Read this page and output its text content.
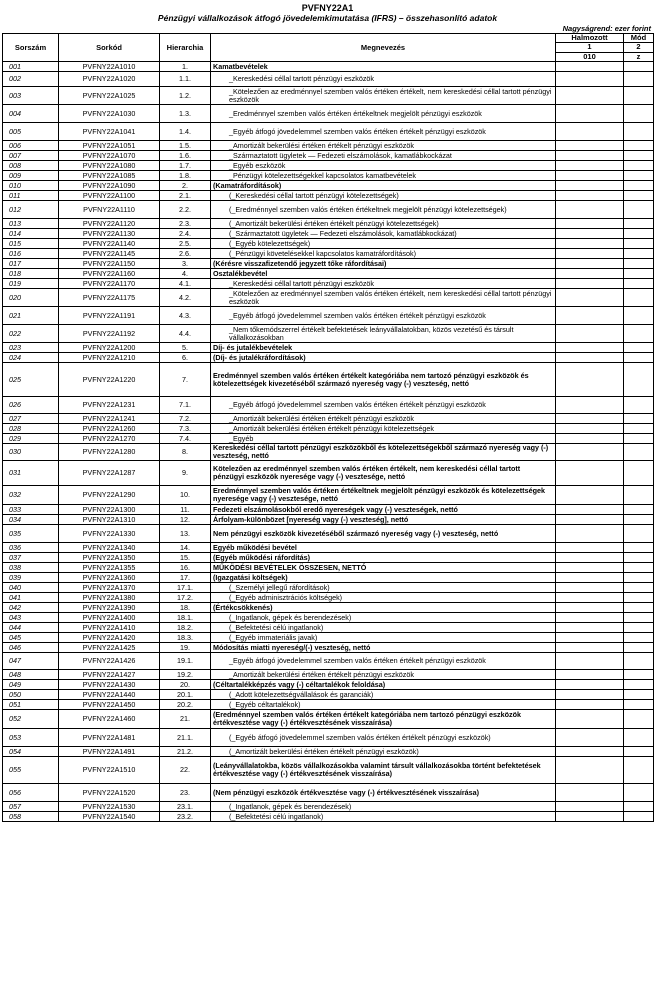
PVFNY22A1
Pénzügyi vállalkozások átfogó jövedelemkimutatása (IFRS) – összehasonlító adatok
Nagyságrend: ezer forint
Sorszám	Sorkód	Hierarchia	Megnevezés	Halmozott	Mód
				1	2
				010	z
001	PVFNY22A1010	1.	Kamatbevételek		
002	PVFNY22A1020	1.1.	_Kereskedési céllal tartott pénzügyi eszközök		
003	PVFNY22A1025	1.2.	_Kötelezően az eredménnyel szemben valós értéken értékelt, nem kereskedési céllal tartott pénzügyi eszközök		
004	PVFNY22A1030	1.3.	_Eredménnyel szemben valós értéken értékeltnek megjelölt pénzügyi eszközök		
005	PVFNY22A1041	1.4.	_Egyéb átfogó jövedelemmel szemben valós értéken értékelt pénzügyi eszközök		
006	PVFNY22A1051	1.5.	_Amortizált bekerülési értéken értékelt pénzügyi eszközök		
007	PVFNY22A1070	1.6.	_Származtatott ügyletek — Fedezeti elszámolások, kamatlábkockázat		
008	PVFNY22A1080	1.7.	_Egyéb eszközök		
009	PVFNY22A1085	1.8.	_Pénzügyi kötelezettségekkel kapcsolatos kamatbevételek		
010	PVFNY22A1090	2.	(Kamatráfordítások)		
011	PVFNY22A1100	2.1.	(_Kereskedési céllal tartott pénzügyi kötelezettségek)		
012	PVFNY22A1110	2.2.	(_Eredménnyel szemben valós értéken értékeltnek megjelölt pénzügyi kötelezettségek)		
013	PVFNY22A1120	2.3.	(_Amortizált bekerülési értéken értékelt pénzügyi kötelezettségek)		
014	PVFNY22A1130	2.4.	(_Származtatott ügyletek — Fedezeti elszámolások, kamatlábkockázat)		
015	PVFNY22A1140	2.5.	(_Egyéb kötelezettségek)		
016	PVFNY22A1145	2.6.	(_Pénzügyi követelésekkel kapcsolatos kamatráfordítások)		
017	PVFNY22A1150	3.	(Kérésre visszafizetendő jegyzett tőke ráfordításai)		
018	PVFNY22A1160	4.	Osztalékbevétel		
019	PVFNY22A1170	4.1.	_Kereskedési céllal tartott pénzügyi eszközök		
020	PVFNY22A1175	4.2.	_Kötelezően az eredménnyel szemben valós értéken értékelt, nem kereskedési céllal tartott pénzügyi eszközök		
021	PVFNY22A1191	4.3.	_Egyéb átfogó jövedelemmel szemben valós értéken értékelt pénzügyi eszközök		
022	PVFNY22A1192	4.4.	_Nem tőkemódszerrel értékelt befektetések leányvállalatokban, közös vezetésű és társult vállalkozásokban		
023	PVFNY22A1200	5.	Díj- és jutalékbevételek		
024	PVFNY22A1210	6.	(Díj- és jutalékráfordítások)		
025	PVFNY22A1220	7.	Eredménnyel szemben valós értéken értékelt kategóriába nem tartozó pénzügyi eszközök és kötelezettségek kivezetéséből származó nyereség vagy (-) veszteség, nettó		
026	PVFNY22A1231	7.1.	_Egyéb átfogó jövedelemmel szemben valós értéken értékelt pénzügyi eszközök		
027	PVFNY22A1241	7.2.	_Amortizált bekerülési értéken értékelt pénzügyi eszközök		
028	PVFNY22A1260	7.3.	_Amortizált bekerülési értéken értékelt pénzügyi kötelezettségek		
029	PVFNY22A1270	7.4.	_Egyéb		
030	PVFNY22A1280	8.	Kereskedési céllal tartott pénzügyi eszközökből és kötelezettségekből származó nyereség vagy (-) veszteség, nettó		
031	PVFNY22A1287	9.	Kötelezően az eredménnyel szemben valós értéken értékelt, nem kereskedési céllal tartott pénzügyi eszközök nyeresége vagy (-) vesztesége, nettó		
032	PVFNY22A1290	10.	Eredménnyel szemben valós értéken értékeltnek megjelölt pénzügyi eszközök és kötelezettségek nyeresége vagy (-) vesztesége, nettó		
033	PVFNY22A1300	11.	Fedezeti elszámolásokból eredő nyereségek vagy (-) veszteségek, nettó		
034	PVFNY22A1310	12.	Árfolyam-különbözet [nyereség vagy (-) veszteség], nettó		
035	PVFNY22A1330	13.	Nem pénzügyi eszközök kivezetéséből származó nyereség vagy (-) veszteség, nettó		
036	PVFNY22A1340	14.	Egyéb működési bevétel		
037	PVFNY22A1350	15.	(Egyéb működési ráfordítás)		
038	PVFNY22A1355	16.	MŰKÖDÉSI BEVÉTELEK ÖSSZESEN, NETTÓ		
039	PVFNY22A1360	17.	(Igazgatási költségek)		
040	PVFNY22A1370	17.1.	(_Személyi jellegű ráfordítások)		
041	PVFNY22A1380	17.2.	(_Egyéb adminisztrációs költségek)		
042	PVFNY22A1390	18.	(Értékcsökkenés)		
043	PVFNY22A1400	18.1.	(_Ingatlanok, gépek és berendezések)		
044	PVFNY22A1410	18.2.	(_Befektetési célú ingatlanok)		
045	PVFNY22A1420	18.3.	(_Egyéb immateriális javak)		
046	PVFNY22A1425	19.	Módosítás miatti nyereség/(-) veszteség, nettó		
047	PVFNY22A1426	19.1.	_Egyéb átfogó jövedelemmel szemben valós értéken értékelt pénzügyi eszközök		
048	PVFNY22A1427	19.2.	_Amortizált bekerülési értéken értékelt pénzügyi eszközök		
049	PVFNY22A1430	20.	(Céltartalékképzés vagy (-) céltartalékok feloldása)		
050	PVFNY22A1440	20.1.	(_Adott kötelezettségvállalások és garanciák)		
051	PVFNY22A1450	20.2.	(_Egyéb céltartalékok)		
052	PVFNY22A1460	21.	(Eredménnyel szemben valós értéken értékelt kategóriába nem tartozó pénzügyi eszközök értékvesztése vagy (-) értékvesztésének visszaírása)		
053	PVFNY22A1481	21.1.	(_Egyéb átfogó jövedelemmel szemben valós értéken értékelt pénzügyi eszközök)		
054	PVFNY22A1491	21.2.	(_Amortizált bekerülési értéken értékelt pénzügyi eszközök)		
055	PVFNY22A1510	22.	(Leányvállalatokba, közös vállalkozásokba valamint társult vállalkozásokba történt befektetések értékvesztése vagy (-) értékvesztésének visszaírása)		
056	PVFNY22A1520	23.	(Nem pénzügyi eszközök értékvesztése vagy (-) értékvesztésének visszaírása)		
057	PVFNY22A1530	23.1.	(_Ingatlanok, gépek és berendezések)		
058	PVFNY22A1540	23.2.	(_Befektetési célú ingatlanok)		
